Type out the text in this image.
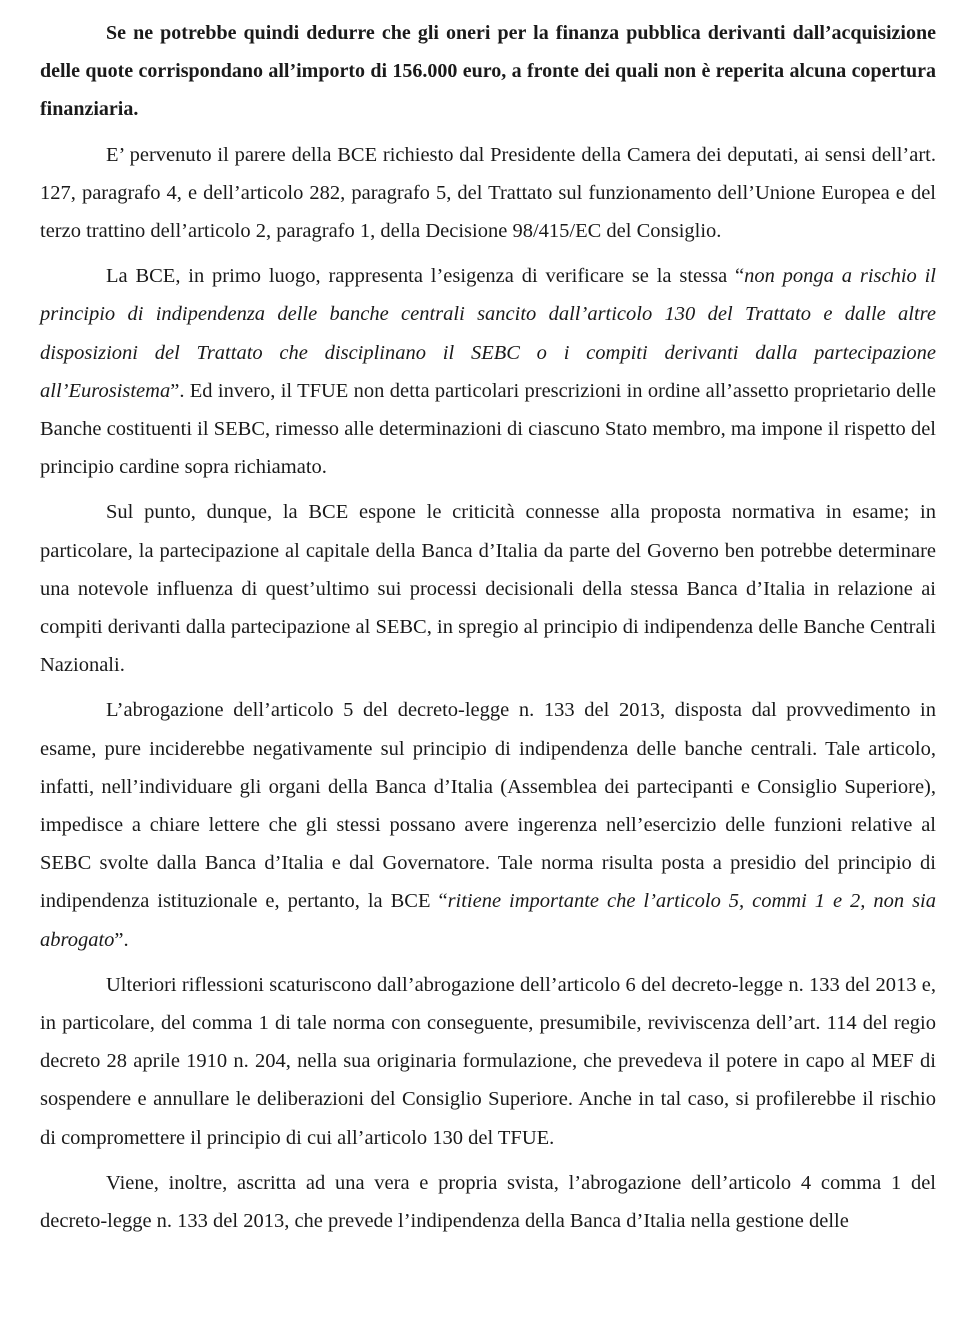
Se ne potrebbe quindi dedurre che gli oneri per la finanza pubblica derivanti dall’acquisizione delle quote corrispondano all’importo di 156.000 euro, a fronte dei quali non è reperita alcuna copertura finanziaria.

E’ pervenuto il parere della BCE richiesto dal Presidente della Camera dei deputati, ai sensi dell’art. 127, paragrafo 4, e dell’articolo 282, paragrafo 5, del Trattato sul funzionamento dell’Unione Europea e del terzo trattino dell’articolo 2, paragrafo 1, della Decisione 98/415/EC del Consiglio.

La BCE, in primo luogo, rappresenta l’esigenza di verificare se la stessa “non ponga a rischio il principio di indipendenza delle banche centrali sancito dall’articolo 130 del Trattato e dalle altre disposizioni del Trattato che disciplinano il SEBC o i compiti derivanti dalla partecipazione all’Eurosistema”. Ed invero, il TFUE non detta particolari prescrizioni in ordine all’assetto proprietario delle Banche costituenti il SEBC, rimesso alle determinazioni di ciascuno Stato membro, ma impone il rispetto del principio cardine sopra richiamato.

Sul punto, dunque, la BCE espone le criticità connesse alla proposta normativa in esame; in particolare, la partecipazione al capitale della Banca d’Italia da parte del Governo ben potrebbe determinare una notevole influenza di quest’ultimo sui processi decisionali della stessa Banca d’Italia in relazione ai compiti derivanti dalla partecipazione al SEBC, in spregio al principio di indipendenza delle Banche Centrali Nazionali.

L’abrogazione dell’articolo 5 del decreto-legge n. 133 del 2013, disposta dal provvedimento in esame, pure inciderebbe negativamente sul principio di indipendenza delle banche centrali. Tale articolo, infatti, nell’individuare gli organi della Banca d’Italia (Assemblea dei partecipanti e Consiglio Superiore), impedisce a chiare lettere che gli stessi possano avere ingerenza nell’esercizio delle funzioni relative al SEBC svolte dalla Banca d’Italia e dal Governatore. Tale norma risulta posta a presidio del principio di indipendenza istituzionale e, pertanto, la BCE “ritiene importante che l’articolo 5, commi 1 e 2, non sia abrogato”.

Ulteriori riflessioni scaturiscono dall’abrogazione dell’articolo 6 del decreto-legge n. 133 del 2013 e, in particolare, del comma 1 di tale norma con conseguente, presumibile, reviviscenza dell’art. 114 del regio decreto 28 aprile 1910 n. 204, nella sua originaria formulazione, che prevedeva il potere in capo al MEF di sospendere e annullare le deliberazioni del Consiglio Superiore. Anche in tal caso, si profilerebbe il rischio di compromettere il principio di cui all’articolo 130 del TFUE.

Viene, inoltre, ascritta ad una vera e propria svista, l’abrogazione dell’articolo 4 comma 1 del decreto-legge n. 133 del 2013, che prevede l’indipendenza della Banca d’Italia nella gestione delle
